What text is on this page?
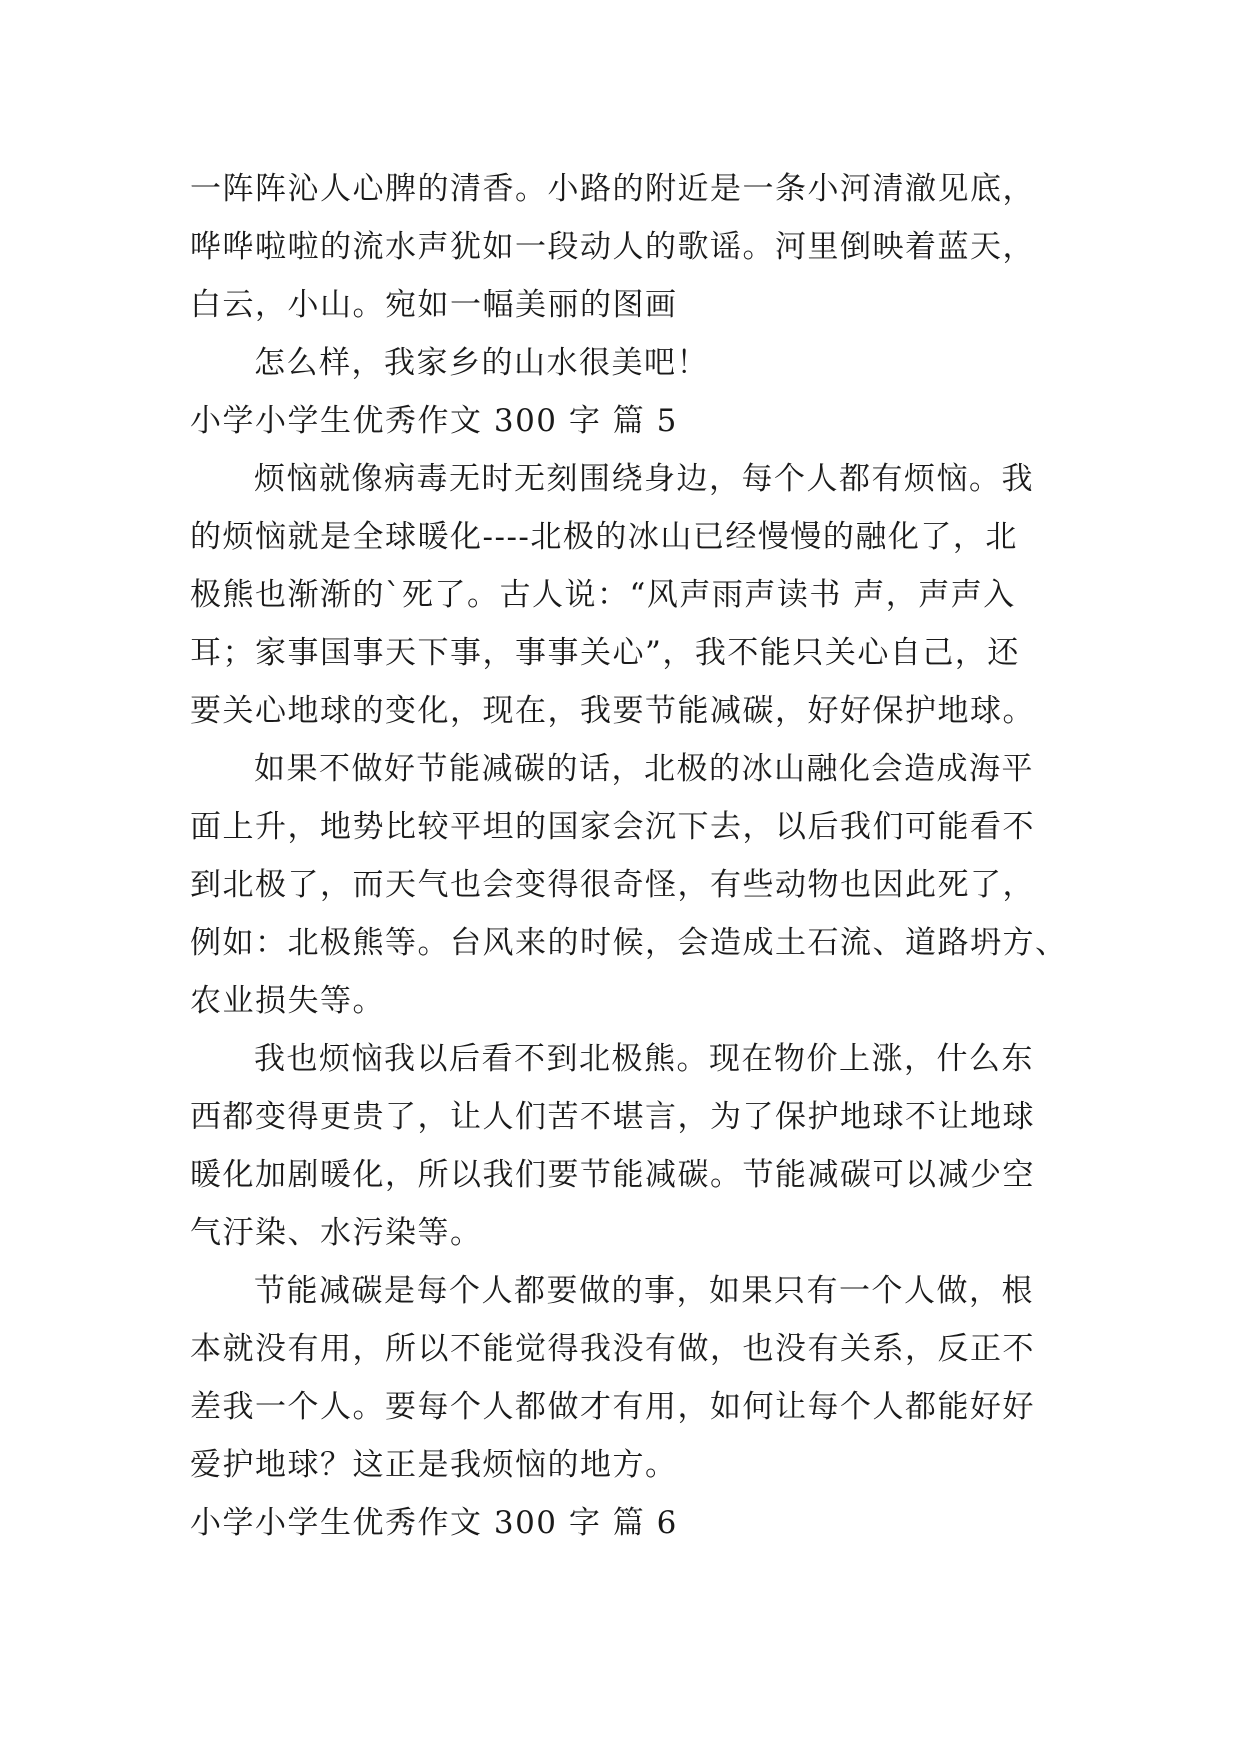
一阵阵沁人心脾的清香。小路的附近是一条小河清澈见底，
哗哗啦啦的流水声犹如一段动人的歌谣。河里倒映着蓝天，
白云，小山。宛如一幅美丽的图画
怎么样，我家乡的山水很美吧！
小学小学生优秀作文 300 字 篇 5
烦恼就像病毒无时无刻围绕身边，每个人都有烦恼。我
的烦恼就是全球暖化----北极的冰山已经慢慢的融化了，北
极熊也渐渐的`死了。古人说：“风声雨声读书 声，声声入
耳；家事国事天下事，事事关心”，我不能只关心自己，还
要关心地球的变化，现在，我要节能减碳，好好保护地球。
如果不做好节能减碳的话，北极的冰山融化会造成海平
面上升，地势比较平坦的国家会沉下去，以后我们可能看不
到北极了，而天气也会变得很奇怪，有些动物也因此死了，
例如：北极熊等。台风来的时候，会造成土石流、道路坍方、
农业损失等。
我也烦恼我以后看不到北极熊。现在物价上涨，什么东
西都变得更贵了，让人们苦不堪言，为了保护地球不让地球
暖化加剧暖化，所以我们要节能减碳。节能减碳可以减少空
气汙染、水污染等。
节能减碳是每个人都要做的事，如果只有一个人做，根
本就没有用，所以不能觉得我没有做，也没有关系，反正不
差我一个人。要每个人都做才有用，如何让每个人都能好好
爱护地球？这正是我烦恼的地方。
小学小学生优秀作文 300 字 篇 6
